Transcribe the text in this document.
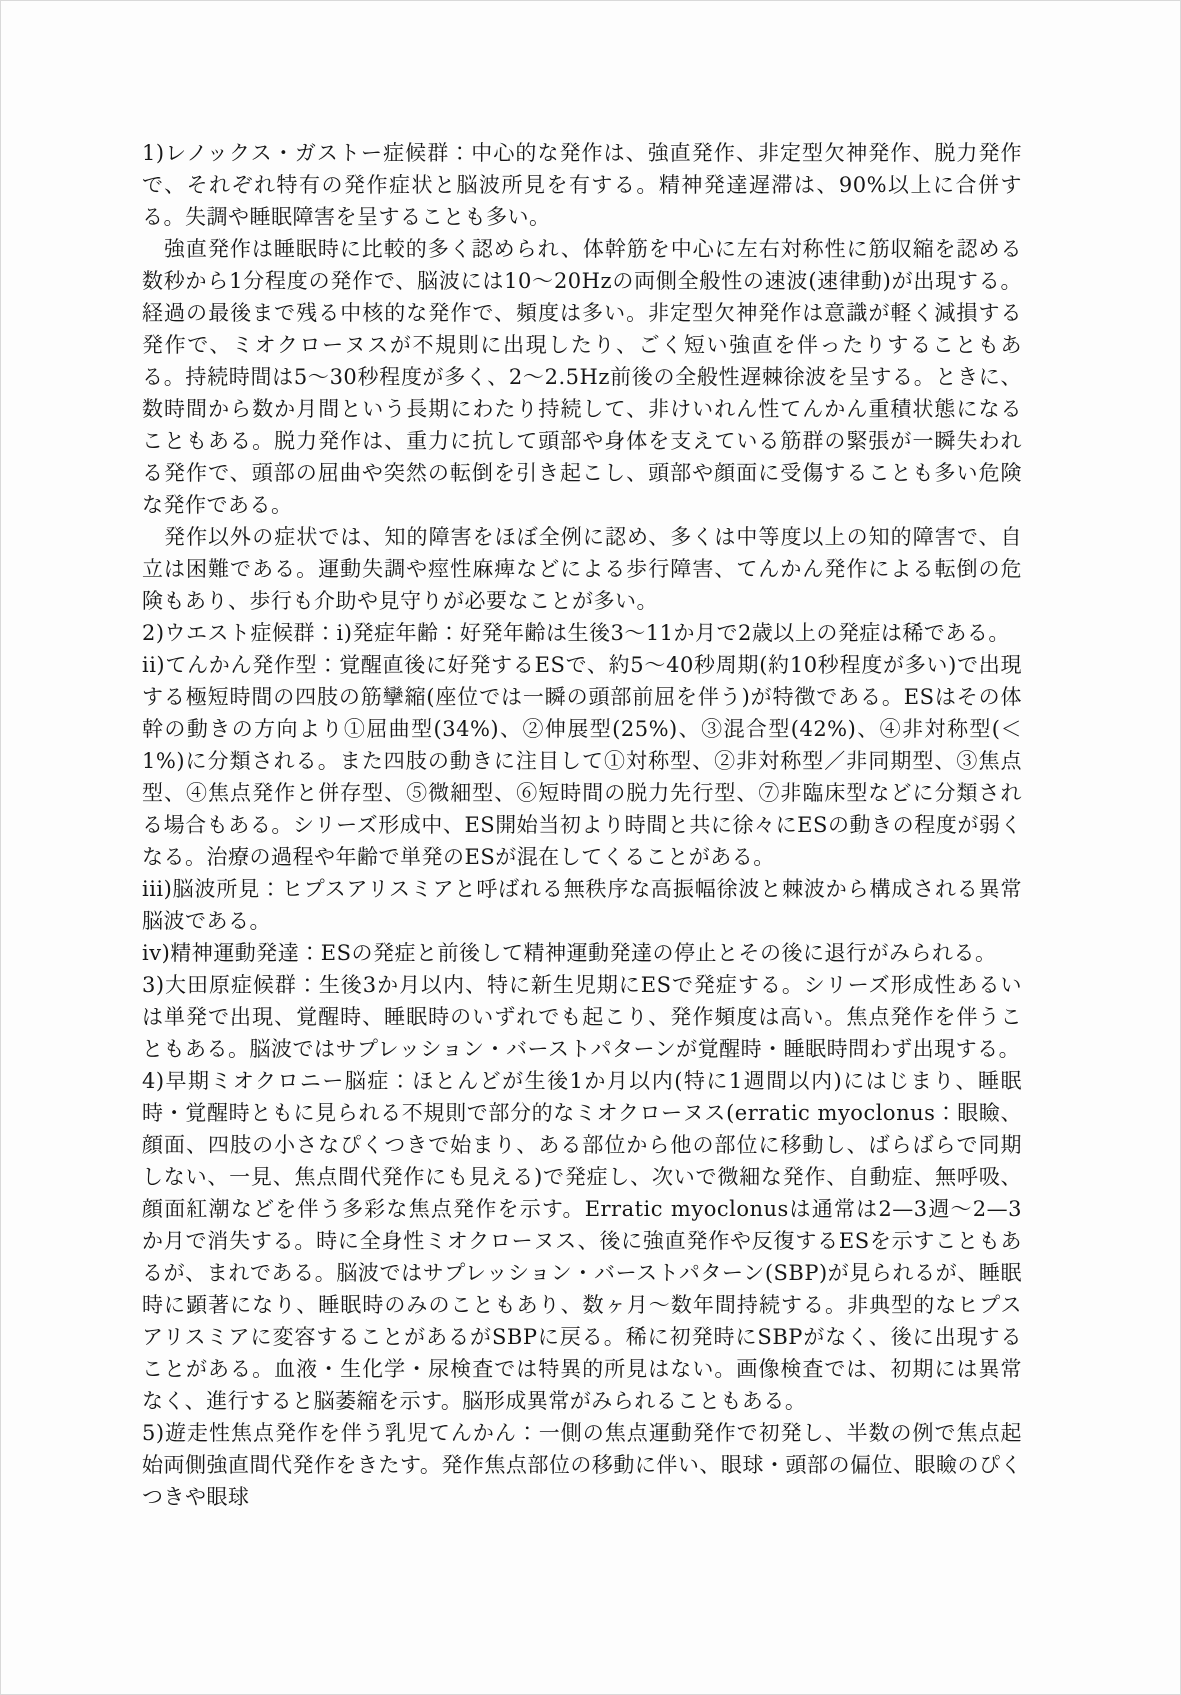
1)レノックス・ガストー症候群：中心的な発作は、強直発作、非定型欠神発作、脱力発作で、それぞれ特有の発作症状と脳波所見を有する。精神発達遅滞は、90%以上に合併する。失調や睡眠障害を呈することも多い。

　強直発作は睡眠時に比較的多く認められ、体幹筋を中心に左右対称性に筋収縮を認める数秒から1分程度の発作で、脳波には10〜20Hzの両側全般性の速波(速律動)が出現する。経過の最後まで残る中核的な発作で、頻度は多い。非定型欠神発作は意識が軽く減損する発作で、ミオクローヌスが不規則に出現したり、ごく短い強直を伴ったりすることもある。持続時間は5〜30秒程度が多く、2〜2.5Hz前後の全般性遅棘徐波を呈する。ときに、数時間から数か月間という長期にわたり持続して、非けいれん性てんかん重積状態になることもある。脱力発作は、重力に抗して頭部や身体を支えている筋群の緊張が一瞬失われる発作で、頭部の屈曲や突然の転倒を引き起こし、頭部や顔面に受傷することも多い危険な発作である。

　発作以外の症状では、知的障害をほぼ全例に認め、多くは中等度以上の知的障害で、自立は困難である。運動失調や痙性麻痺などによる歩行障害、てんかん発作による転倒の危険もあり、歩行も介助や見守りが必要なことが多い。

2)ウエスト症候群：i)発症年齢：好発年齢は生後3〜11か月で2歳以上の発症は稀である。

ii)てんかん発作型：覚醒直後に好発するESで、約5〜40秒周期(約10秒程度が多い)で出現する極短時間の四肢の筋攣縮(座位では一瞬の頭部前屈を伴う)が特徴である。ESはその体幹の動きの方向より①屈曲型(34%)、②伸展型(25%)、③混合型(42%)、④非対称型(＜1%)に分類される。また四肢の動きに注目して①対称型、②非対称型／非同期型、③焦点型、④焦点発作と併存型、⑤微細型、⑥短時間の脱力先行型、⑦非臨床型などに分類される場合もある。シリーズ形成中、ES開始当初より時間と共に徐々にESの動きの程度が弱くなる。治療の過程や年齢で単発のESが混在してくることがある。

iii)脳波所見：ヒプスアリスミアと呼ばれる無秩序な高振幅徐波と棘波から構成される異常脳波である。

iv)精神運動発達：ESの発症と前後して精神運動発達の停止とその後に退行がみられる。

3)大田原症候群：生後3か月以内、特に新生児期にESで発症する。シリーズ形成性あるいは単発で出現、覚醒時、睡眠時のいずれでも起こり、発作頻度は高い。焦点発作を伴うこともある。脳波ではサプレッション・バーストパターンが覚醒時・睡眠時問わず出現する。

4)早期ミオクロニー脳症：ほとんどが生後1か月以内(特に1週間以内)にはじまり、睡眠時・覚醒時ともに見られる不規則で部分的なミオクローヌス(erratic myoclonus：眼瞼、顔面、四肢の小さなぴくつきで始まり、ある部位から他の部位に移動し、ばらばらで同期しない、一見、焦点間代発作にも見える)で発症し、次いで微細な発作、自動症、無呼吸、顔面紅潮などを伴う多彩な焦点発作を示す。Erratic myoclonusは通常は2—3週〜2—3か月で消失する。時に全身性ミオクローヌス、後に強直発作や反復するESを示すこともあるが、まれである。脳波ではサプレッション・バーストパターン(SBP)が見られるが、睡眠時に顕著になり、睡眠時のみのこともあり、数ヶ月〜数年間持続する。非典型的なヒプスアリスミアに変容することがあるがSBPに戻る。稀に初発時にSBPがなく、後に出現することがある。血液・生化学・尿検査では特異的所見はない。画像検査では、初期には異常なく、進行すると脳萎縮を示す。脳形成異常がみられることもある。

5)遊走性焦点発作を伴う乳児てんかん：一側の焦点運動発作で初発し、半数の例で焦点起始両側強直間代発作をきたす。発作焦点部位の移動に伴い、眼球・頭部の偏位、眼瞼のぴくつきや眼球
